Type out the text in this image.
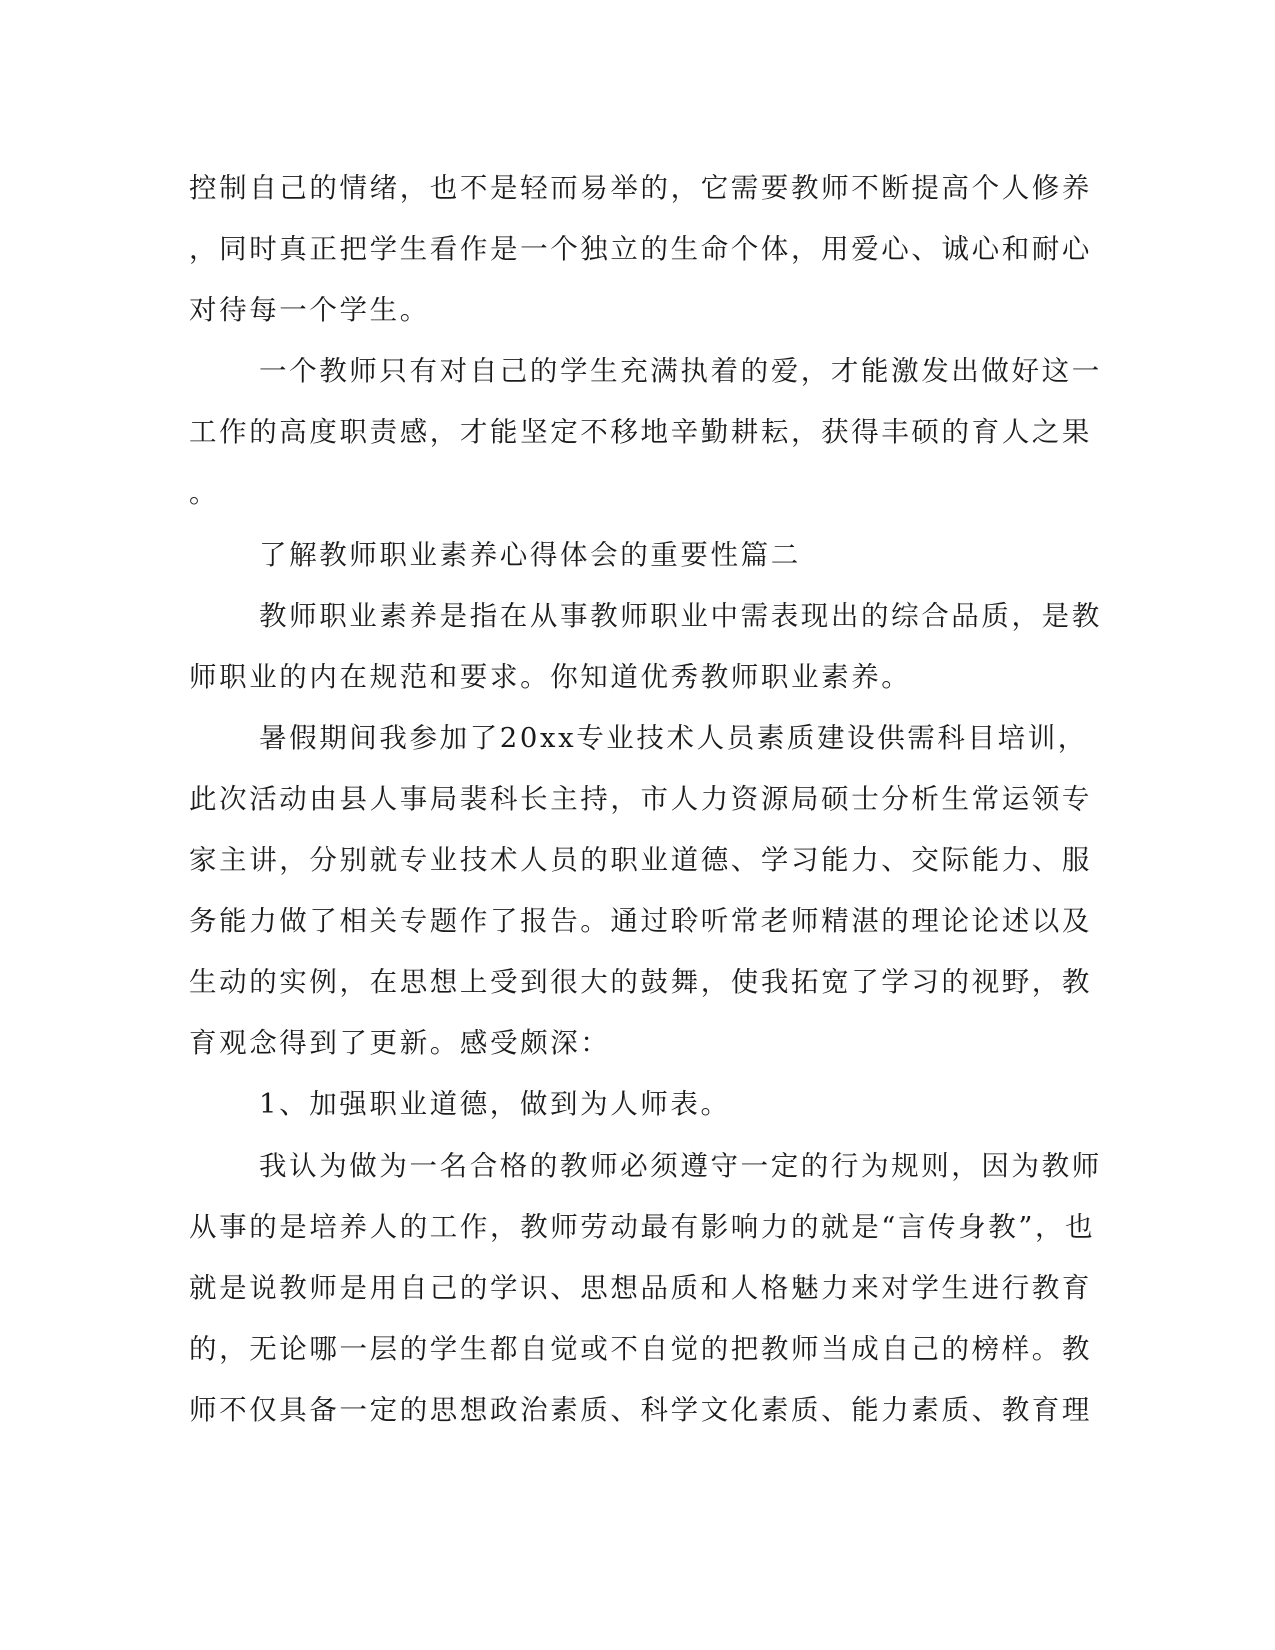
控制自己的情绪，也不是轻而易举的，它需要教师不断提高个人修养

，同时真正把学生看作是一个独立的生命个体，用爱心、诚心和耐心

对待每一个学生。

一个教师只有对自己的学生充满执着的爱，才能激发出做好这一

工作的高度职责感，才能坚定不移地辛勤耕耘，获得丰硕的育人之果

。

了解教师职业素养心得体会的重要性篇二

教师职业素养是指在从事教师职业中需表现出的综合品质，是教

师职业的内在规范和要求。你知道优秀教师职业素养。

暑假期间我参加了20xx专业技术人员素质建设供需科目培训，

此次活动由县人事局裴科长主持，市人力资源局硕士分析生常运领专

家主讲，分别就专业技术人员的职业道德、学习能力、交际能力、服

务能力做了相关专题作了报告。通过聆听常老师精湛的理论论述以及

生动的实例，在思想上受到很大的鼓舞，使我拓宽了学习的视野，教

育观念得到了更新。感受颇深：

1、加强职业道德，做到为人师表。

我认为做为一名合格的教师必须遵守一定的行为规则，因为教师

从事的是培养人的工作，教师劳动最有影响力的就是“言传身教”，也

就是说教师是用自己的学识、思想品质和人格魅力来对学生进行教育

的，无论哪一层的学生都自觉或不自觉的把教师当成自己的榜样。教

师不仅具备一定的思想政治素质、科学文化素质、能力素质、教育理
